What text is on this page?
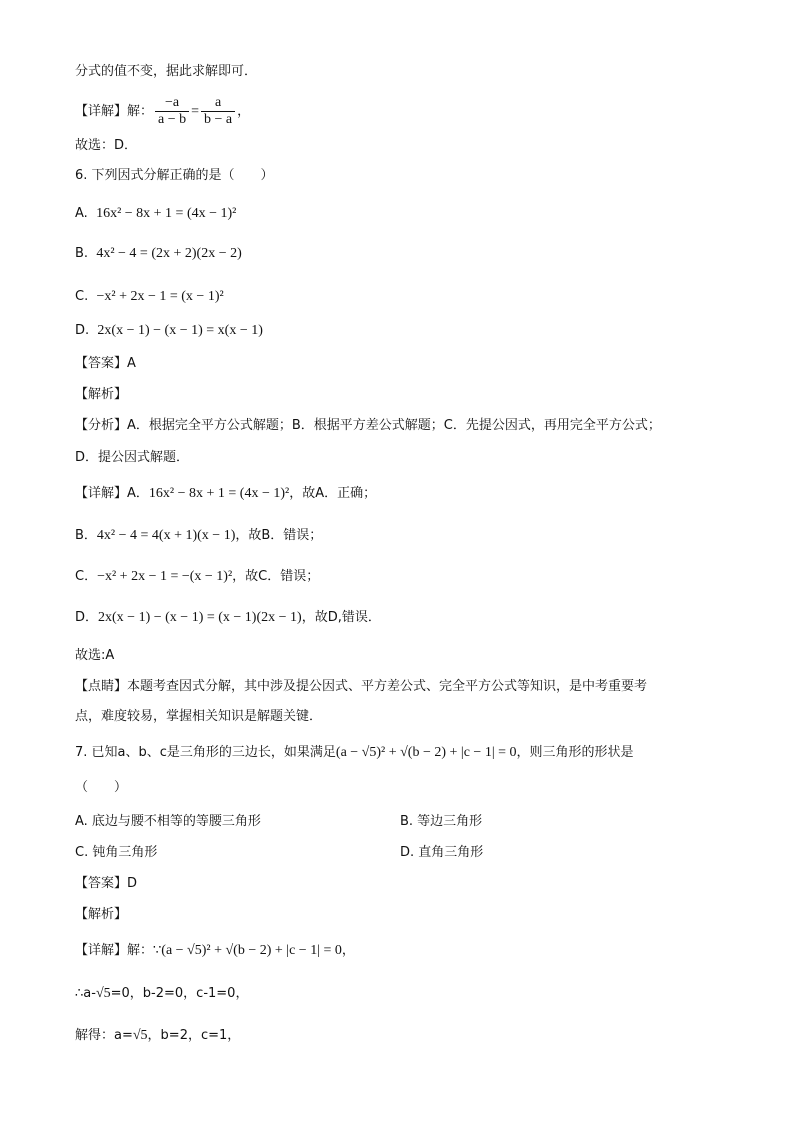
分式的值不变，据此求解即可．
【详解】解： $\frac{-a}{a - b} = \frac{a}{b - a}$ ，
故选：D．
6. 下列因式分解正确的是（　　）
A. 16x² − 8x + 1 = (4x − 1)²
B. 4x² − 4 = (2x + 2)(2x − 2)
C. −x² + 2x − 1 = (x − 1)²
D. 2x(x − 1) − (x − 1) = x(x − 1)
【答案】A
【解析】
【分析】A．根据完全平方公式解题；B．根据平方差公式解题；C．先提公因式，再用完全平方公式；
D．提公因式解题．
【详解】A．16x² − 8x + 1 = (4x − 1)²，故A．正确；
B．4x² − 4 = 4(x + 1)(x − 1)，故B．错误；
C．−x² + 2x − 1 = −(x − 1)²，故C．错误；
D．2x(x − 1) − (x − 1) = (x − 1)(2x − 1)，故D,错误．
故选:A
【点睛】本题考查因式分解，其中涉及提公因式、平方差公式、完全平方公式等知识，是中考重要考
点，难度较易，掌握相关知识是解题关键．
7. 已知a、b、c是三角形的三边长，如果满足(a − √5)² + √(b − 2) + |c − 1| = 0，则三角形的形状是
（　　）
A. 底边与腰不相等的等腰三角形	B. 等边三角形
C. 钝角三角形	D. 直角三角形
【答案】D
【解析】
【详解】解：∵(a − √5)² + √(b − 2) + |c − 1| = 0，
∴a-√5=0，b-2=0，c-1=0，
解得：a=√5，b=2，c=1，
